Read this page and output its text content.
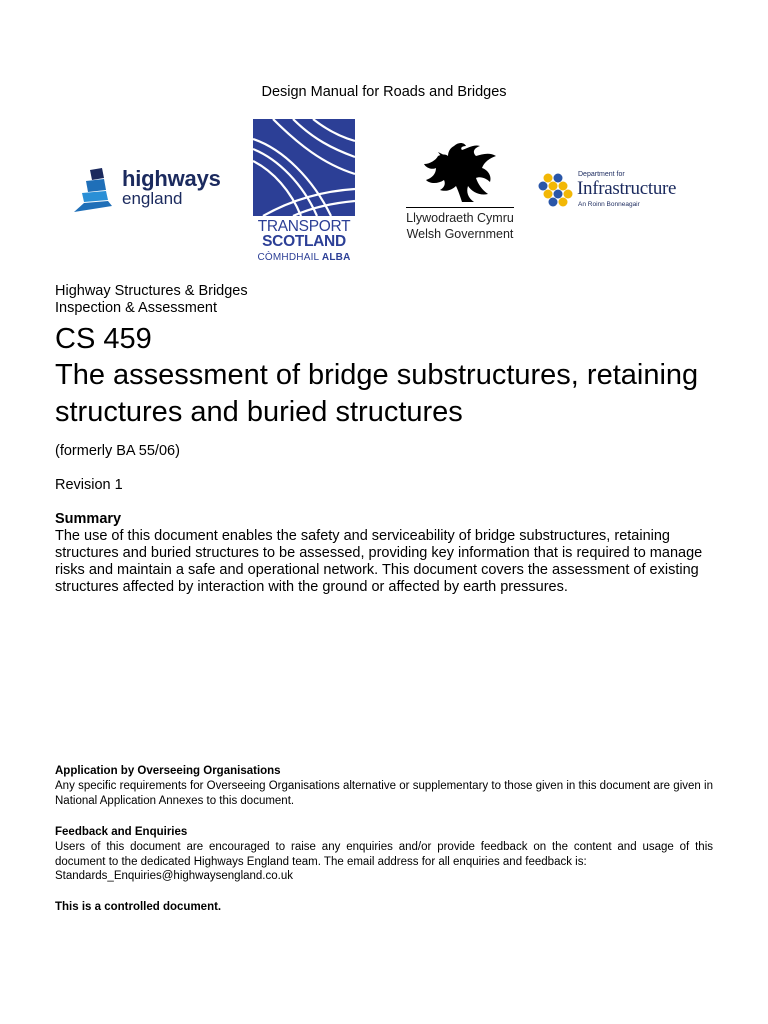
Design Manual for Roads and Bridges
highways
england
TRANSPORT
SCOTLAND
CÒMHDHAIL ALBA
Llywodraeth Cymru
Welsh Government
Department for
Infrastructure
An Roinn Bonneagair
Highway Structures & Bridges
Inspection & Assessment
CS 459
The assessment of bridge substructures, retaining structures and buried structures
(formerly BA 55/06)
Revision 1
Summary
The use of this document enables the safety and serviceability of bridge substructures, retaining structures and buried structures to be assessed, providing key information that is required to manage risks and maintain a safe and operational network. This document covers the assessment of existing structures affected by interaction with the ground or affected by earth pressures.
Application by Overseeing Organisations
Any specific requirements for Overseeing Organisations alternative or supplementary to those given in this document are given in National Application Annexes to this document.
Feedback and Enquiries
Users of this document are encouraged to raise any enquiries and/or provide feedback on the content and usage of this document to the dedicated Highways England team. The email address for all enquiries and feedback is:
Standards_Enquiries@highwaysengland.co.uk
This is a controlled document.
